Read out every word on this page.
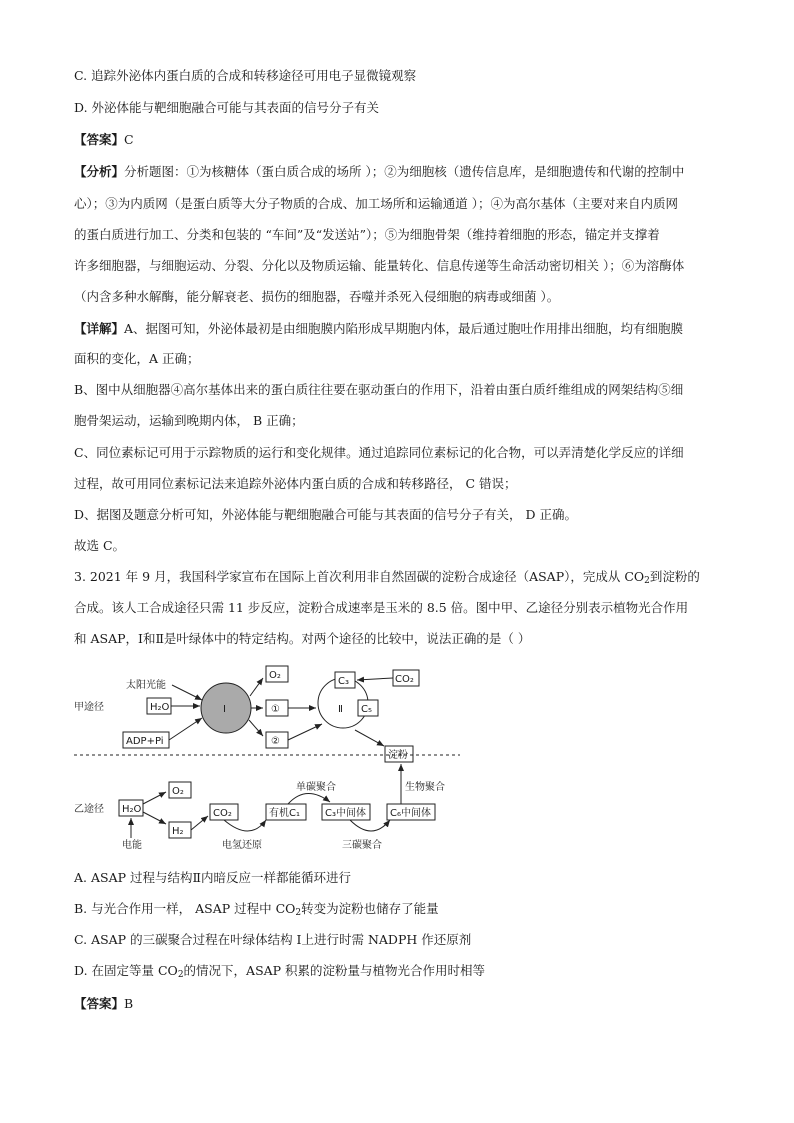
C. 追踪外泌体内蛋白质的合成和转移途径可用电子显微镜观察
D. 外泌体能与靶细胞融合可能与其表面的信号分子有关
【答案】C
【分析】分析题图：①为核糖体（蛋白质合成的场所 ）；②为细胞核（遗传信息库，是细胞遗传和代谢的控制中
心）；③为内质网（是蛋白质等大分子物质的合成、加工场所和运输通道 ）；④为高尔基体（主要对来自内质网
的蛋白质进行加工、分类和包装的 “车间”及“发送站”）；⑤为细胞骨架（维持着细胞的形态，锚定并支撑着
许多细胞器，与细胞运动、分裂、分化以及物质运输、能量转化、信息传递等生命活动密切相关 ）；⑥为溶酶体
（内含多种水解酶，能分解衰老、损伤的细胞器，吞噬并杀死入侵细胞的病毒或细菌 ）。
【详解】A、据图可知，外泌体最初是由细胞膜内陷形成早期胞内体，最后通过胞吐作用排出细胞，均有细胞膜
面积的变化，A 正确；
B、图中从细胞器④高尔基体出来的蛋白质往往要在驱动蛋白的作用下，沿着由蛋白质纤维组成的网架结构⑤细
胞骨架运动，运输到晚期内体， B 正确；
C、同位素标记可用于示踪物质的运行和变化规律。通过追踪同位素标记的化合物，可以弄清楚化学反应的详细
过程，故可用同位素标记法来追踪外泌体内蛋白质的合成和转移路径， C 错误；
D、据图及题意分析可知，外泌体能与靶细胞融合可能与其表面的信号分子有关， D 正确。
故选 C。
3. 2021 年 9 月，我国科学家宣布在国际上首次利用非自然固碳的淀粉合成途径（ASAP），完成从 $CO_2$到淀粉的
合成。该人工合成途径只需 11 步反应，淀粉合成速率是玉米的 8.5 倍。图中甲、乙途径分别表示植物光合作用
和 ASAP，Ⅰ和Ⅱ是叶绿体中的特定结构。对两个途径的比较中，说法正确的是（ ）
甲途径
乙途径
太阳光能
H₂O
ADP+Pi
I
O₂
①
②
Ⅱ
C₃
C₅
CO₂
淀粉
H₂O
电能
O₂
H₂
CO₂
电氢还原
有机C₁
单碳聚合
C₃中间体
三碳聚合
C₆中间体
生物聚合
A. ASAP 过程与结构Ⅱ内暗反应一样都能循环进行
B. 与光合作用一样， ASAP 过程中 $CO_2$转变为淀粉也储存了能量
C. ASAP 的三碳聚合过程在叶绿体结构 Ⅰ上进行时需 NADPH 作还原剂
D. 在固定等量 $CO_2$的情况下，ASAP 积累的淀粉量与植物光合作用时相等
【答案】B
